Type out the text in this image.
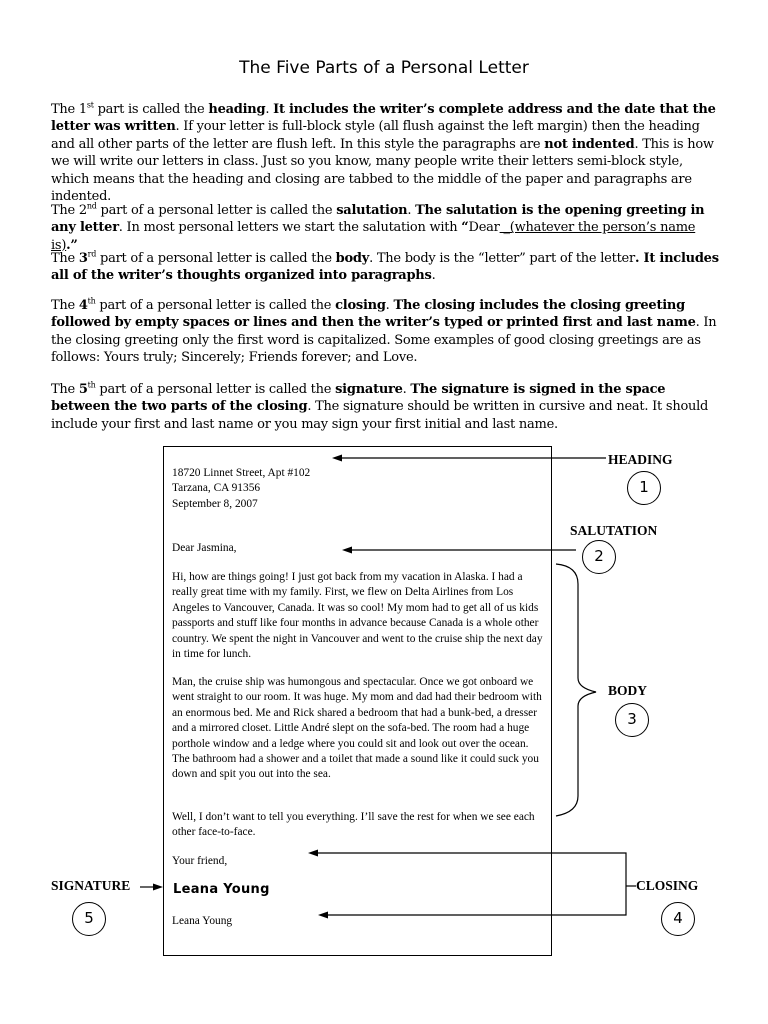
The Five Parts of a Personal Letter

The 1st part is called the heading. It includes the writer’s complete address and the date that the letter was written. If your letter is full-block style (all flush against the left margin) then the heading and all other parts of the letter are flush left. In this style the paragraphs are not indented. This is how we will write our letters in class. Just so you know, many people write their letters semi-block style, which means that the heading and closing are tabbed to the middle of the paper and paragraphs are indented.

The 2nd part of a personal letter is called the salutation. The salutation is the opening greeting in any letter. In most personal letters we start the salutation with “Dear _(whatever the person’s name is).”

The 3rd part of a personal letter is called the body. The body is the “letter” part of the letter. It includes all of the writer’s thoughts organized into paragraphs.

The 4th part of a personal letter is called the closing. The closing includes the closing greeting followed by empty spaces or lines and then the writer’s typed or printed first and last name. In the closing greeting only the first word is capitalized. Some examples of good closing greetings are as follows: Yours truly; Sincerely; Friends forever; and Love.

The 5th part of a personal letter is called the signature. The signature is signed in the space between the two parts of the closing. The signature should be written in cursive and neat. It should include your first and last name or you may sign your first initial and last name.

18720 Linnet Street, Apt #102
Tarzana, CA 91356
September 8, 2007

Dear Jasmina,

Hi, how are things going! I just got back from my vacation in Alaska. I had a really great time with my family. First, we flew on Delta Airlines from Los Angeles to Vancouver, Canada. It was so cool! My mom had to get all of us kids passports and stuff like four months in advance because Canada is a whole other country. We spent the night in Vancouver and went to the cruise ship the next day in time for lunch.

Man, the cruise ship was humongous and spectacular. Once we got onboard we went straight to our room. It was huge. My mom and dad had their bedroom with an enormous bed. Me and Rick shared a bedroom that had a bunk-bed, a dresser and a mirrored closet. Little André slept on the sofa-bed. The room had a huge porthole window and a ledge where you could sit and look out over the ocean. The bathroom had a shower and a toilet that made a sound like it could suck you down and spit you out into the sea.

Well, I don’t want to tell you everything. I’ll save the rest for when we see each other face-to-face.

Your friend,

Leana Young

Leana Young

HEADING
1
SALUTATION
2
BODY
3
SIGNATURE
5
CLOSING
4
